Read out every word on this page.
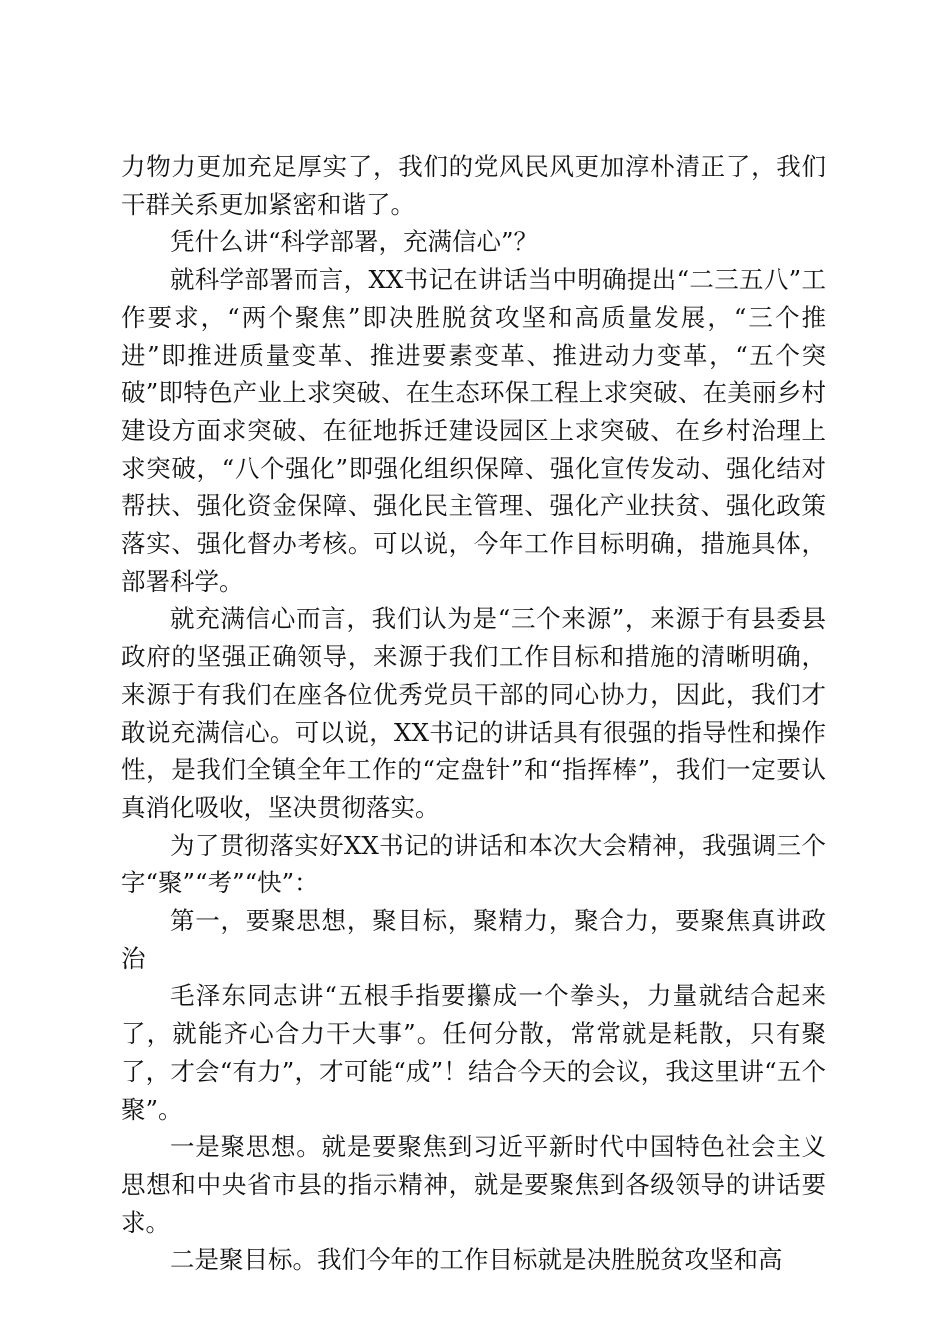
力物力更加充足厚实了，我们的党风民风更加淳朴清正了，我们干群关系更加紧密和谐了。

凭什么讲“科学部署，充满信心”？

就科学部署而言，XX书记在讲话当中明确提出“二三五八”工作要求，“两个聚焦”即决胜脱贫攻坚和高质量发展，“三个推进”即推进质量变革、推进要素变革、推进动力变革，“五个突破”即特色产业上求突破、在生态环保工程上求突破、在美丽乡村建设方面求突破、在征地拆迁建设园区上求突破、在乡村治理上求突破，“八个强化”即强化组织保障、强化宣传发动、强化结对帮扶、强化资金保障、强化民主管理、强化产业扶贫、强化政策落实、强化督办考核。可以说，今年工作目标明确，措施具体，部署科学。

就充满信心而言，我们认为是“三个来源”，来源于有县委县政府的坚强正确领导，来源于我们工作目标和措施的清晰明确，来源于有我们在座各位优秀党员干部的同心协力，因此，我们才敢说充满信心。可以说，XX书记的讲话具有很强的指导性和操作性，是我们全镇全年工作的“定盘针”和“指挥棒”，我们一定要认真消化吸收，坚决贯彻落实。

为了贯彻落实好XX书记的讲话和本次大会精神，我强调三个字“聚”“考”“快”：

第一，要聚思想，聚目标，聚精力，聚合力，要聚焦真讲政治

毛泽东同志讲“五根手指要攥成一个拳头，力量就结合起来了，就能齐心合力干大事”。任何分散，常常就是耗散，只有聚了，才会“有力”，才可能“成”！结合今天的会议，我这里讲“五个聚”。

一是聚思想。就是要聚焦到习近平新时代中国特色社会主义思想和中央省市县的指示精神，就是要聚焦到各级领导的讲话要求。

二是聚目标。我们今年的工作目标就是决胜脱贫攻坚和高
